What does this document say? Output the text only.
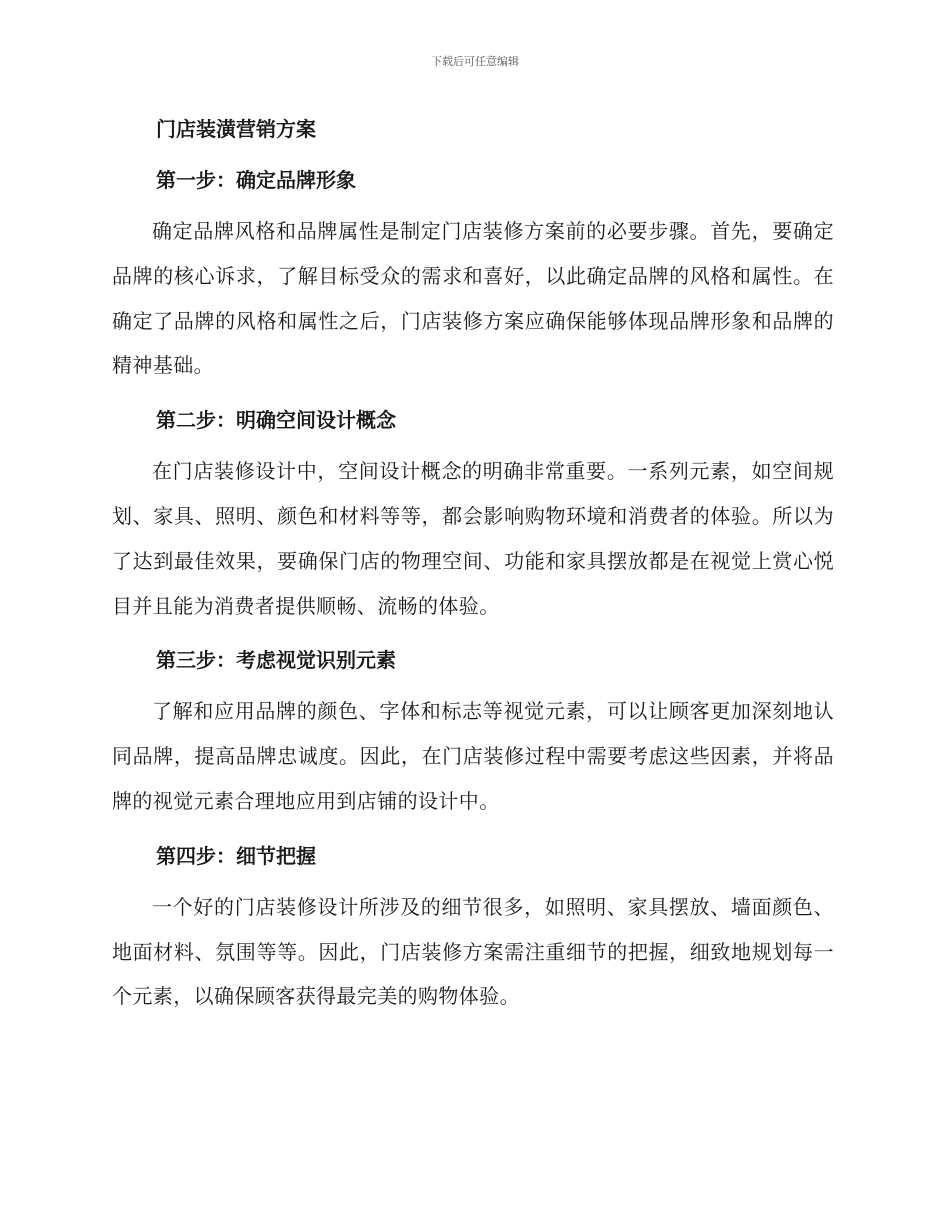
下载后可任意编辑
门店装潢营销方案
第一步：确定品牌形象

确定品牌风格和品牌属性是制定门店装修方案前的必要步骤。首先，要确定品牌的核心诉求，了解目标受众的需求和喜好，以此确定品牌的风格和属性。在确定了品牌的风格和属性之后，门店装修方案应确保能够体现品牌形象和品牌的精神基础。

第二步：明确空间设计概念

在门店装修设计中，空间设计概念的明确非常重要。一系列元素，如空间规划、家具、照明、颜色和材料等等，都会影响购物环境和消费者的体验。所以为了达到最佳效果，要确保门店的物理空间、功能和家具摆放都是在视觉上赏心悦目并且能为消费者提供顺畅、流畅的体验。

第三步：考虑视觉识别元素

了解和应用品牌的颜色、字体和标志等视觉元素，可以让顾客更加深刻地认同品牌，提高品牌忠诚度。因此，在门店装修过程中需要考虑这些因素，并将品牌的视觉元素合理地应用到店铺的设计中。

第四步：细节把握

一个好的门店装修设计所涉及的细节很多，如照明、家具摆放、墙面颜色、地面材料、氛围等等。因此，门店装修方案需注重细节的把握，细致地规划每一个元素，以确保顾客获得最完美的购物体验。
